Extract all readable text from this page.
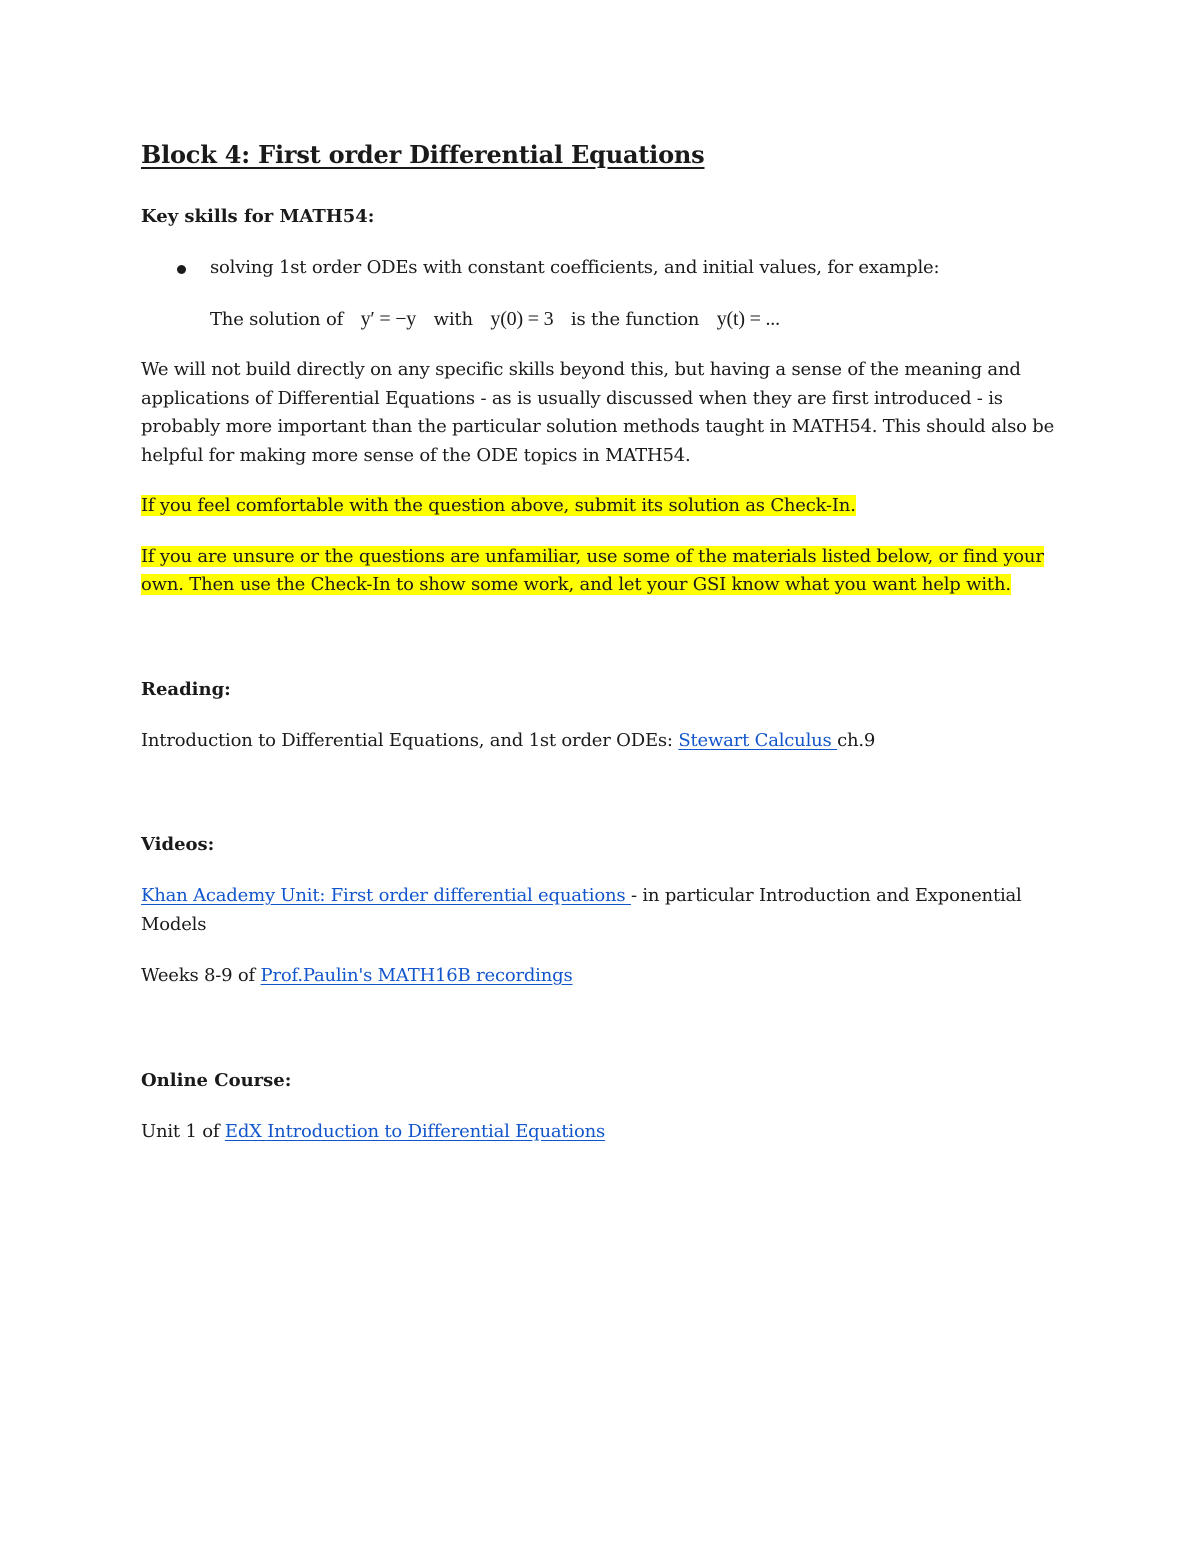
Block 4: First order Differential Equations

Key skills for MATH54:

solving 1st order ODEs with constant coefficients, and initial values, for example:
The solution of y′ = −y with y(0) = 3 is the function y(t) = ...

We will not build directly on any specific skills beyond this, but having a sense of the meaning and applications of Differential Equations - as is usually discussed when they are first introduced - is probably more important than the particular solution methods taught in MATH54. This should also be helpful for making more sense of the ODE topics in MATH54.

If you feel comfortable with the question above, submit its solution as Check-In.

If you are unsure or the questions are unfamiliar, use some of the materials listed below, or find your own. Then use the Check-In to show some work, and let your GSI know what you want help with.

Reading:

Introduction to Differential Equations, and 1st order ODEs: Stewart Calculus ch.9

Videos:

Khan Academy Unit: First order differential equations - in particular Introduction and Exponential Models

Weeks 8-9 of Prof.Paulin's MATH16B recordings

Online Course:

Unit 1 of EdX Introduction to Differential Equations
